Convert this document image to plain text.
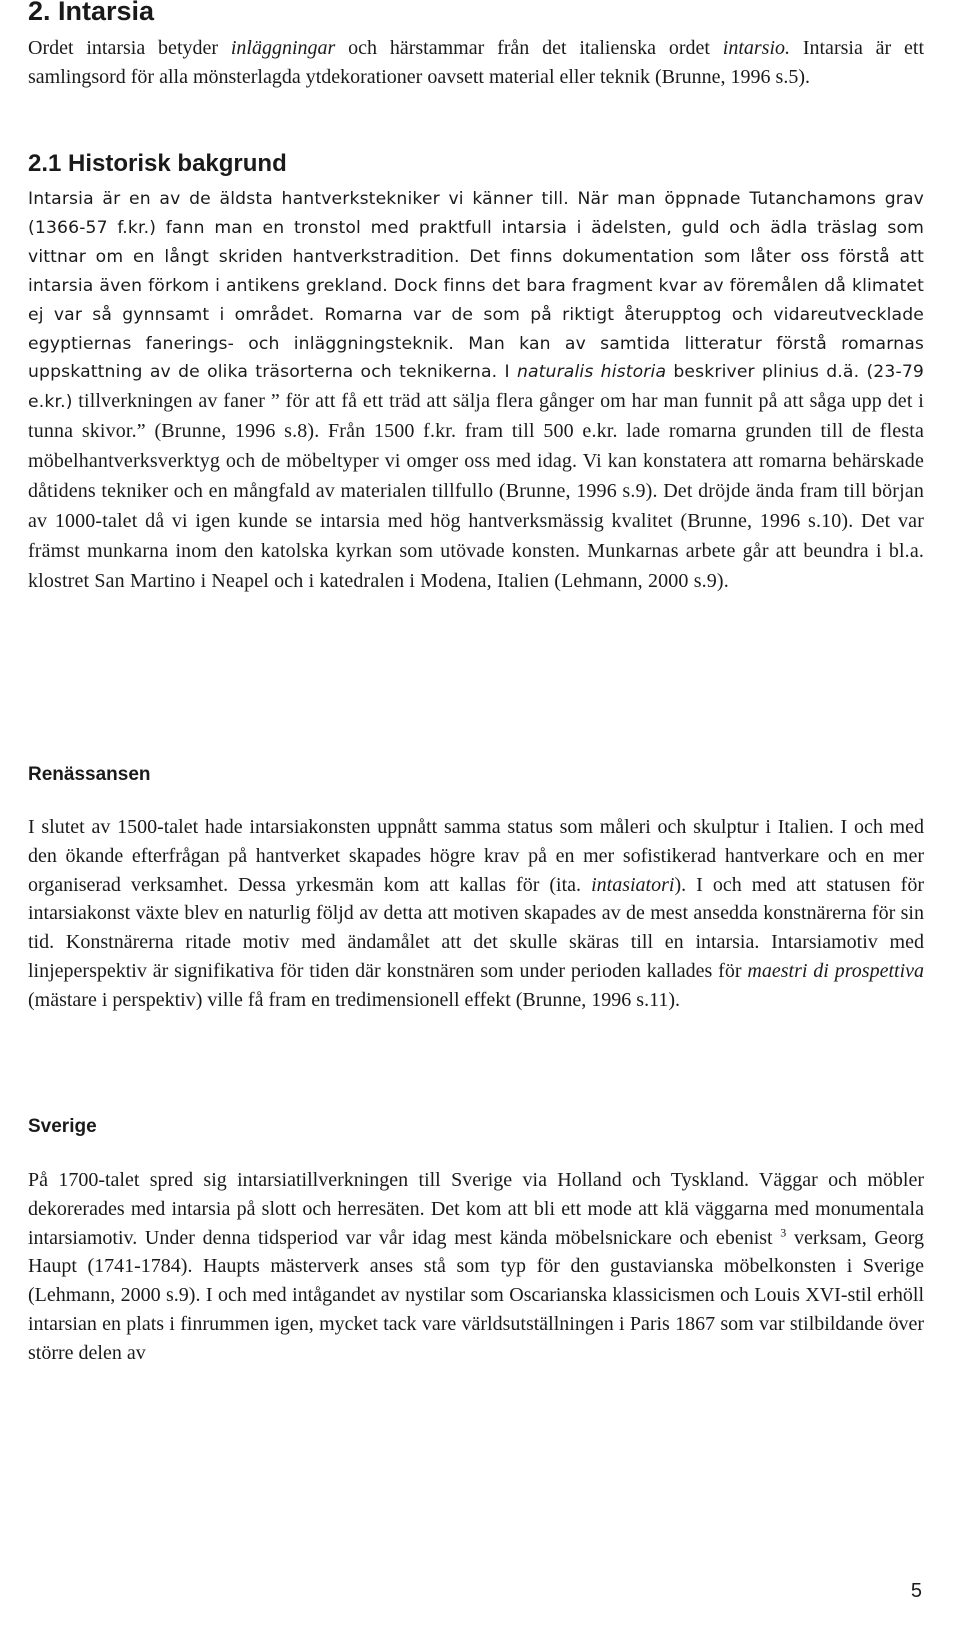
2. Intarsia

Ordet intarsia betyder inläggningar och härstammar från det italienska ordet intarsio. Intarsia är ett samlingsord för alla mönsterlagda ytdekorationer oavsett material eller teknik (Brunne, 1996 s.5).

2.1 Historisk bakgrund

Intarsia är en av de äldsta hantverkstekniker vi känner till. När man öppnade Tutanchamons grav (1366-57 f.kr.) fann man en tronstol med praktfull intarsia i ädelsten, guld och ädla träslag som vittnar om en långt skriden hantverkstradition. Det finns dokumentation som låter oss förstå att intarsia även förkom i antikens grekland. Dock finns det bara fragment kvar av föremålen då klimatet ej var så gynnsamt i området. Romarna var de som på riktigt återupptog och vidareutvecklade egyptiernas fanerings- och inläggningsteknik. Man kan av samtida litteratur förstå romarnas uppskattning av de olika träsorterna och teknikerna. I naturalis historia beskriver plinius d.ä. (23-79 e.kr.) tillverkningen av faner ” för att få ett träd att sälja flera gånger om har man funnit på att såga upp det i tunna skivor.” (Brunne, 1996 s.8). Från 1500 f.kr. fram till 500 e.kr. lade romarna grunden till de flesta möbelhantverksverktyg och de möbeltyper vi omger oss med idag. Vi kan konstatera att romarna behärskade dåtidens tekniker och en mångfald av materialen tillfullo (Brunne, 1996 s.9). Det dröjde ända fram till början av 1000-talet då vi igen kunde se intarsia med hög hantverksmässig kvalitet (Brunne, 1996 s.10). Det var främst munkarna inom den katolska kyrkan som utövade konsten. Munkarnas arbete går att beundra i bl.a. klostret San Martino i Neapel och i katedralen i Modena, Italien (Lehmann, 2000 s.9).

Renässansen

I slutet av 1500-talet hade intarsiakonsten uppnått samma status som måleri och skulptur i Italien. I och med den ökande efterfrågan på hantverket skapades högre krav på en mer sofistikerad hantverkare och en mer organiserad verksamhet. Dessa yrkesmän kom att kallas för (ita. intasiatori). I och med att statusen för intarsiakonst växte blev en naturlig följd av detta att motiven skapades av de mest ansedda konstnärerna för sin tid. Konstnärerna ritade motiv med ändamålet att det skulle skäras till en intarsia. Intarsiamotiv med linjeperspektiv är signifikativa för tiden där konstnären som under perioden kallades för maestri di prospettiva (mästare i perspektiv) ville få fram en tredimensionell effekt (Brunne, 1996 s.11).

Sverige

På 1700-talet spred sig intarsiatillverkningen till Sverige via Holland och Tyskland. Väggar och möbler dekorerades med intarsia på slott och herresäten. Det kom att bli ett mode att klä väggarna med monumentala intarsiamotiv. Under denna tidsperiod var vår idag mest kända möbelsnickare och ebenist $^3$ verksam, Georg Haupt (1741-1784). Haupts mästerverk anses stå som typ för den gustavianska möbelkonsten i Sverige (Lehmann, 2000 s.9). I och med intågandet av nystilar som Oscarianska klassicismen och Louis XVI-stil erhöll intarsian en plats i finrummen igen, mycket tack vare världsutställningen i Paris 1867 som var stilbildande över större delen av

5
